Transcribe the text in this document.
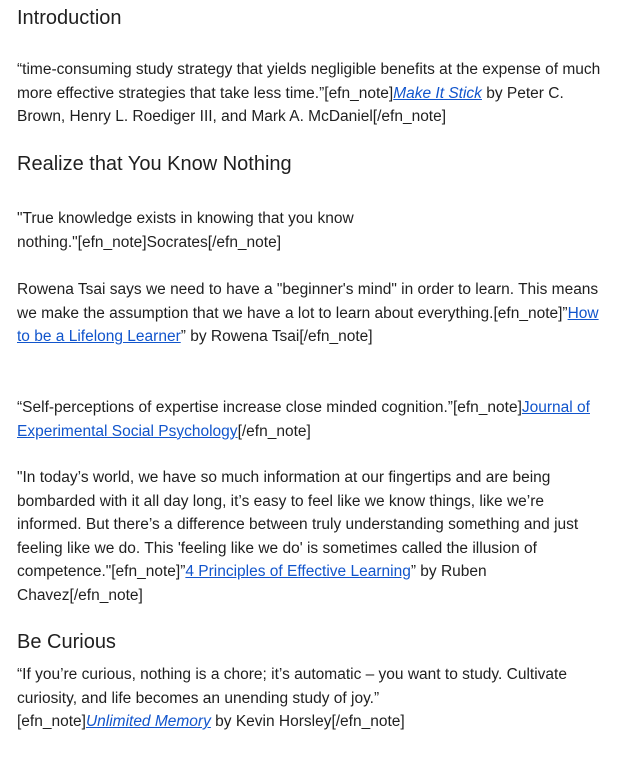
Introduction

“time-consuming study strategy that yields negligible benefits at the expense of much more effective strategies that take less time.”[efn_note]Make It Stick by Peter C. Brown, Henry L. Roediger III, and Mark A. McDaniel[/efn_note]

Realize that You Know Nothing

"True knowledge exists in knowing that you know nothing."[efn_note]Socrates[/efn_note]

Rowena Tsai says we need to have a "beginner's mind" in order to learn. This means we make the assumption that we have a lot to learn about everything.[efn_note]”How to be a Lifelong Learner” by Rowena Tsai[/efn_note]

“Self-perceptions of expertise increase close minded cognition.”[efn_note]Journal of Experimental Social Psychology[/efn_note]

"In today’s world, we have so much information at our fingertips and are being bombarded with it all day long, it’s easy to feel like we know things, like we’re informed. But there’s a difference between truly understanding something and just feeling like we do. This 'feeling like we do' is sometimes called the illusion of competence."[efn_note]”4 Principles of Effective Learning” by Ruben Chavez[/efn_note]

Be Curious

“If you’re curious, nothing is a chore; it’s automatic – you want to study. Cultivate curiosity, and life becomes an unending study of joy.”
[efn_note]Unlimited Memory by Kevin Horsley[/efn_note]
